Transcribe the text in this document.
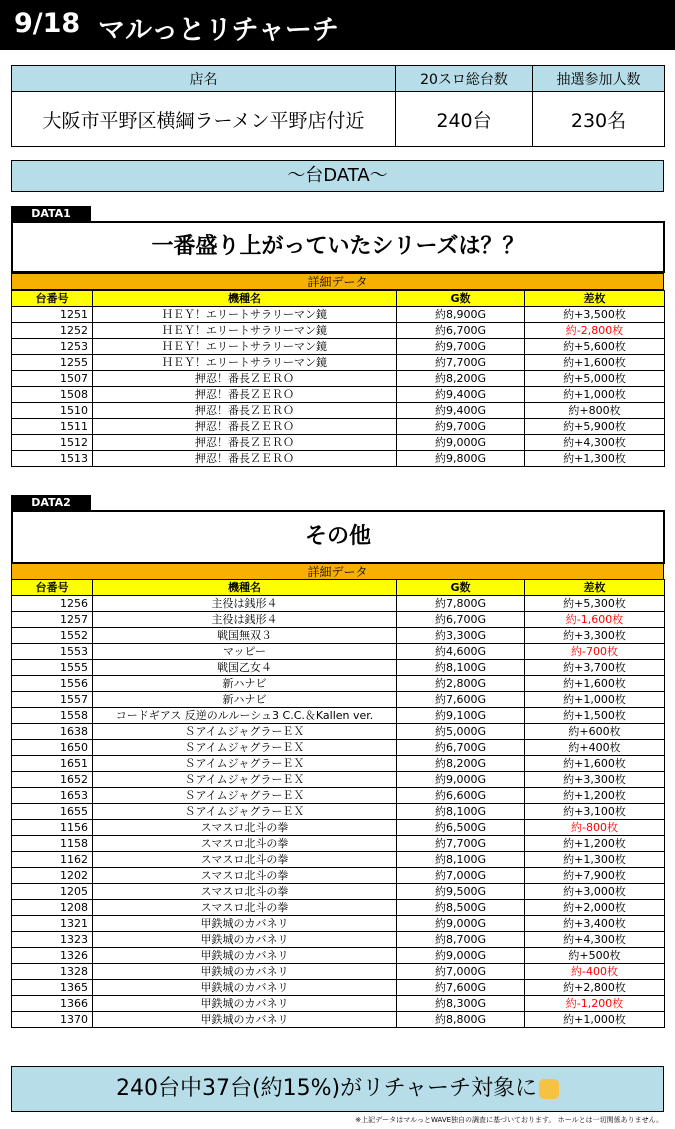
9/18 マルっとリチャーチ
店名	20スロ総台数	抽選参加人数
大阪市平野区横綱ラーメン平野店付近	240台	230名
～台DATA～
DATA1
一番盛り上がっていたシリーズは？？
詳細データ
台番号	機種名	G数	差枚
1251	ＨＥＹ！エリートサラリーマン鏡	約8,900G	約+3,500枚
1252	ＨＥＹ！エリートサラリーマン鏡	約6,700G	約-2,800枚
1253	ＨＥＹ！エリートサラリーマン鏡	約9,700G	約+5,600枚
1255	ＨＥＹ！エリートサラリーマン鏡	約7,700G	約+1,600枚
1507	押忍！番長ＺＥＲＯ	約8,200G	約+5,000枚
1508	押忍！番長ＺＥＲＯ	約9,400G	約+1,000枚
1510	押忍！番長ＺＥＲＯ	約9,400G	約+800枚
1511	押忍！番長ＺＥＲＯ	約9,700G	約+5,900枚
1512	押忍！番長ＺＥＲＯ	約9,000G	約+4,300枚
1513	押忍！番長ＺＥＲＯ	約9,800G	約+1,300枚
DATA2
その他
詳細データ
台番号	機種名	G数	差枚
1256	主役は銭形４	約7,800G	約+5,300枚
1257	主役は銭形４	約6,700G	約-1,600枚
1552	戦国無双３	約3,300G	約+3,300枚
1553	マッピー	約4,600G	約-700枚
1555	戦国乙女４	約8,100G	約+3,700枚
1556	新ハナビ	約2,800G	約+1,600枚
1557	新ハナビ	約7,600G	約+1,000枚
1558	コードギアス 反逆のルルーシュ3 C.C.＆Kallen ver.	約9,100G	約+1,500枚
1638	ＳアイムジャグラーＥＸ	約5,000G	約+600枚
1650	ＳアイムジャグラーＥＸ	約6,700G	約+400枚
1651	ＳアイムジャグラーＥＸ	約8,200G	約+1,600枚
1652	ＳアイムジャグラーＥＸ	約9,000G	約+3,300枚
1653	ＳアイムジャグラーＥＸ	約6,600G	約+1,200枚
1655	ＳアイムジャグラーＥＸ	約8,100G	約+3,100枚
1156	スマスロ北斗の拳	約6,500G	約-800枚
1158	スマスロ北斗の拳	約7,700G	約+1,200枚
1162	スマスロ北斗の拳	約8,100G	約+1,300枚
1202	スマスロ北斗の拳	約7,000G	約+7,900枚
1205	スマスロ北斗の拳	約9,500G	約+3,000枚
1208	スマスロ北斗の拳	約8,500G	約+2,000枚
1321	甲鉄城のカバネリ	約9,000G	約+3,400枚
1323	甲鉄城のカバネリ	約8,700G	約+4,300枚
1326	甲鉄城のカバネリ	約9,000G	約+500枚
1328	甲鉄城のカバネリ	約7,000G	約-400枚
1365	甲鉄城のカバネリ	約7,600G	約+2,800枚
1366	甲鉄城のカバネリ	約8,300G	約-1,200枚
1370	甲鉄城のカバネリ	約8,800G	約+1,000枚
240台中37台(約15%)がリチャーチ対象に
※上記データはマルっとWAVE独自の調査に基づいております。 ホールとは一切関係ありません。
